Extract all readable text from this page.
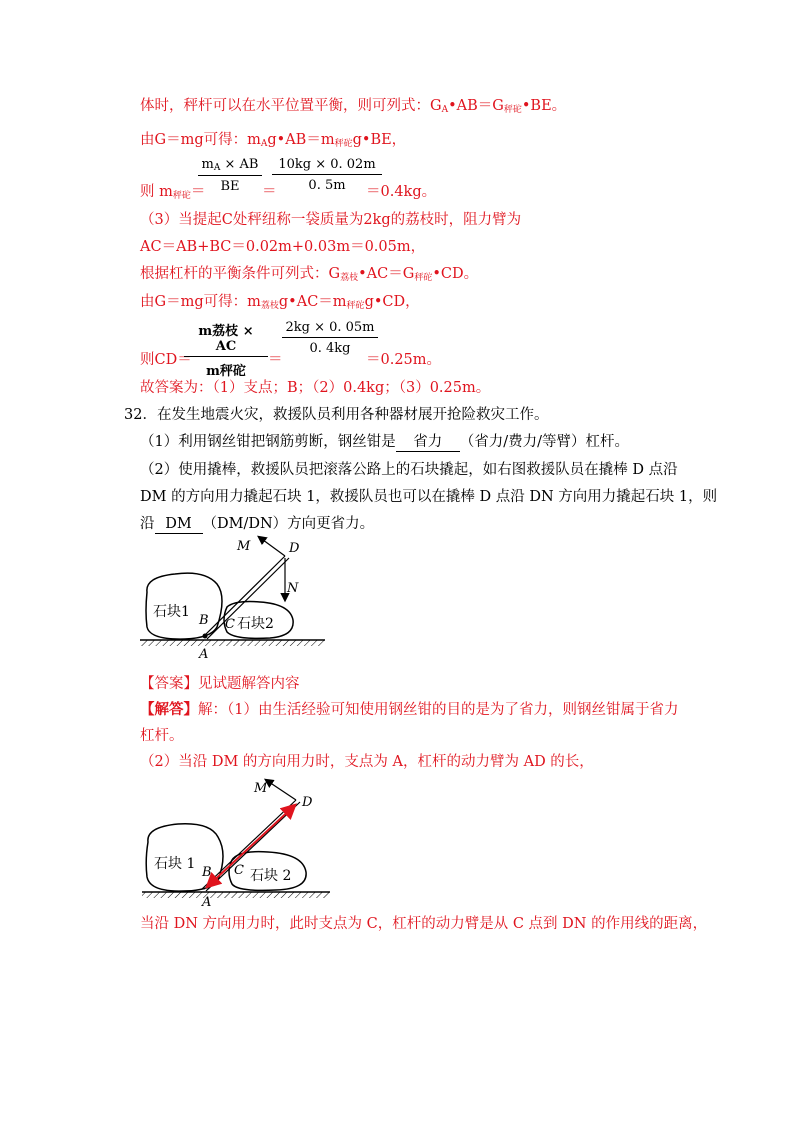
体时，秤杆可以在水平位置平衡，则可列式：$G_A•AB=G_{秤砣}•BE$。
由G＝mg可得：$m_Ag•AB=m_{秤砣}g•BE$，
则 $m_{秤砣}=$
$\frac{m_A \times AB}{BE}$ ＝
$\frac{10kg \times 0. 02m}{0. 5m}$
＝0.4kg。
（3）当提起C处秤纽称一袋质量为2kg的荔枝时，阻力臂为
AC＝AB+BC＝0.02m+0.03m＝0.05m，
根据杠杆的平衡条件可列式：$G_{荔枝}•AC=G_{秤砣}•CD$。
由G＝mg可得：$m_{荔枝}g•AC=m_{秤砣}g•CD$，
则CD＝
m荔枝 × AC
m秤砣
＝
$\frac{2kg \times 0. 05m}{0. 4kg}$
＝0.25m。
故答案为：（1）支点；B；（2）0.4kg；（3）0.25m。
32．在发生地震火灾，救援队员利用各种器材展开抢险救灾工作。
（1）利用钢丝钳把钢筋剪断，钢丝钳是 省力 （省力/费力/等臂）杠杆。
（2）使用撬棒，救援队员把滚落公路上的石块撬起，如右图救援队员在撬棒 D 点沿
DM 的方向用力撬起石块 1，救援队员也可以在撬棒 D 点沿 DN 方向用力撬起石块 1，则
沿 DM （DM/DN）方向更省力。
M	D
N
B C
A
石块1
石块2
【答案】见试题解答内容
【解答】解：（1）由生活经验可知使用钢丝钳的目的是为了省力，则钢丝钳属于省力
杠杆。
（2）当沿 DM 的方向用力时，支点为 A，杠杆的动力臂为 AD 的长，
M
D
B C
A
石块 1
石块 2
当沿 DN 方向用力时，此时支点为 C，杠杆的动力臂是从 C 点到 DN 的作用线的距离，
